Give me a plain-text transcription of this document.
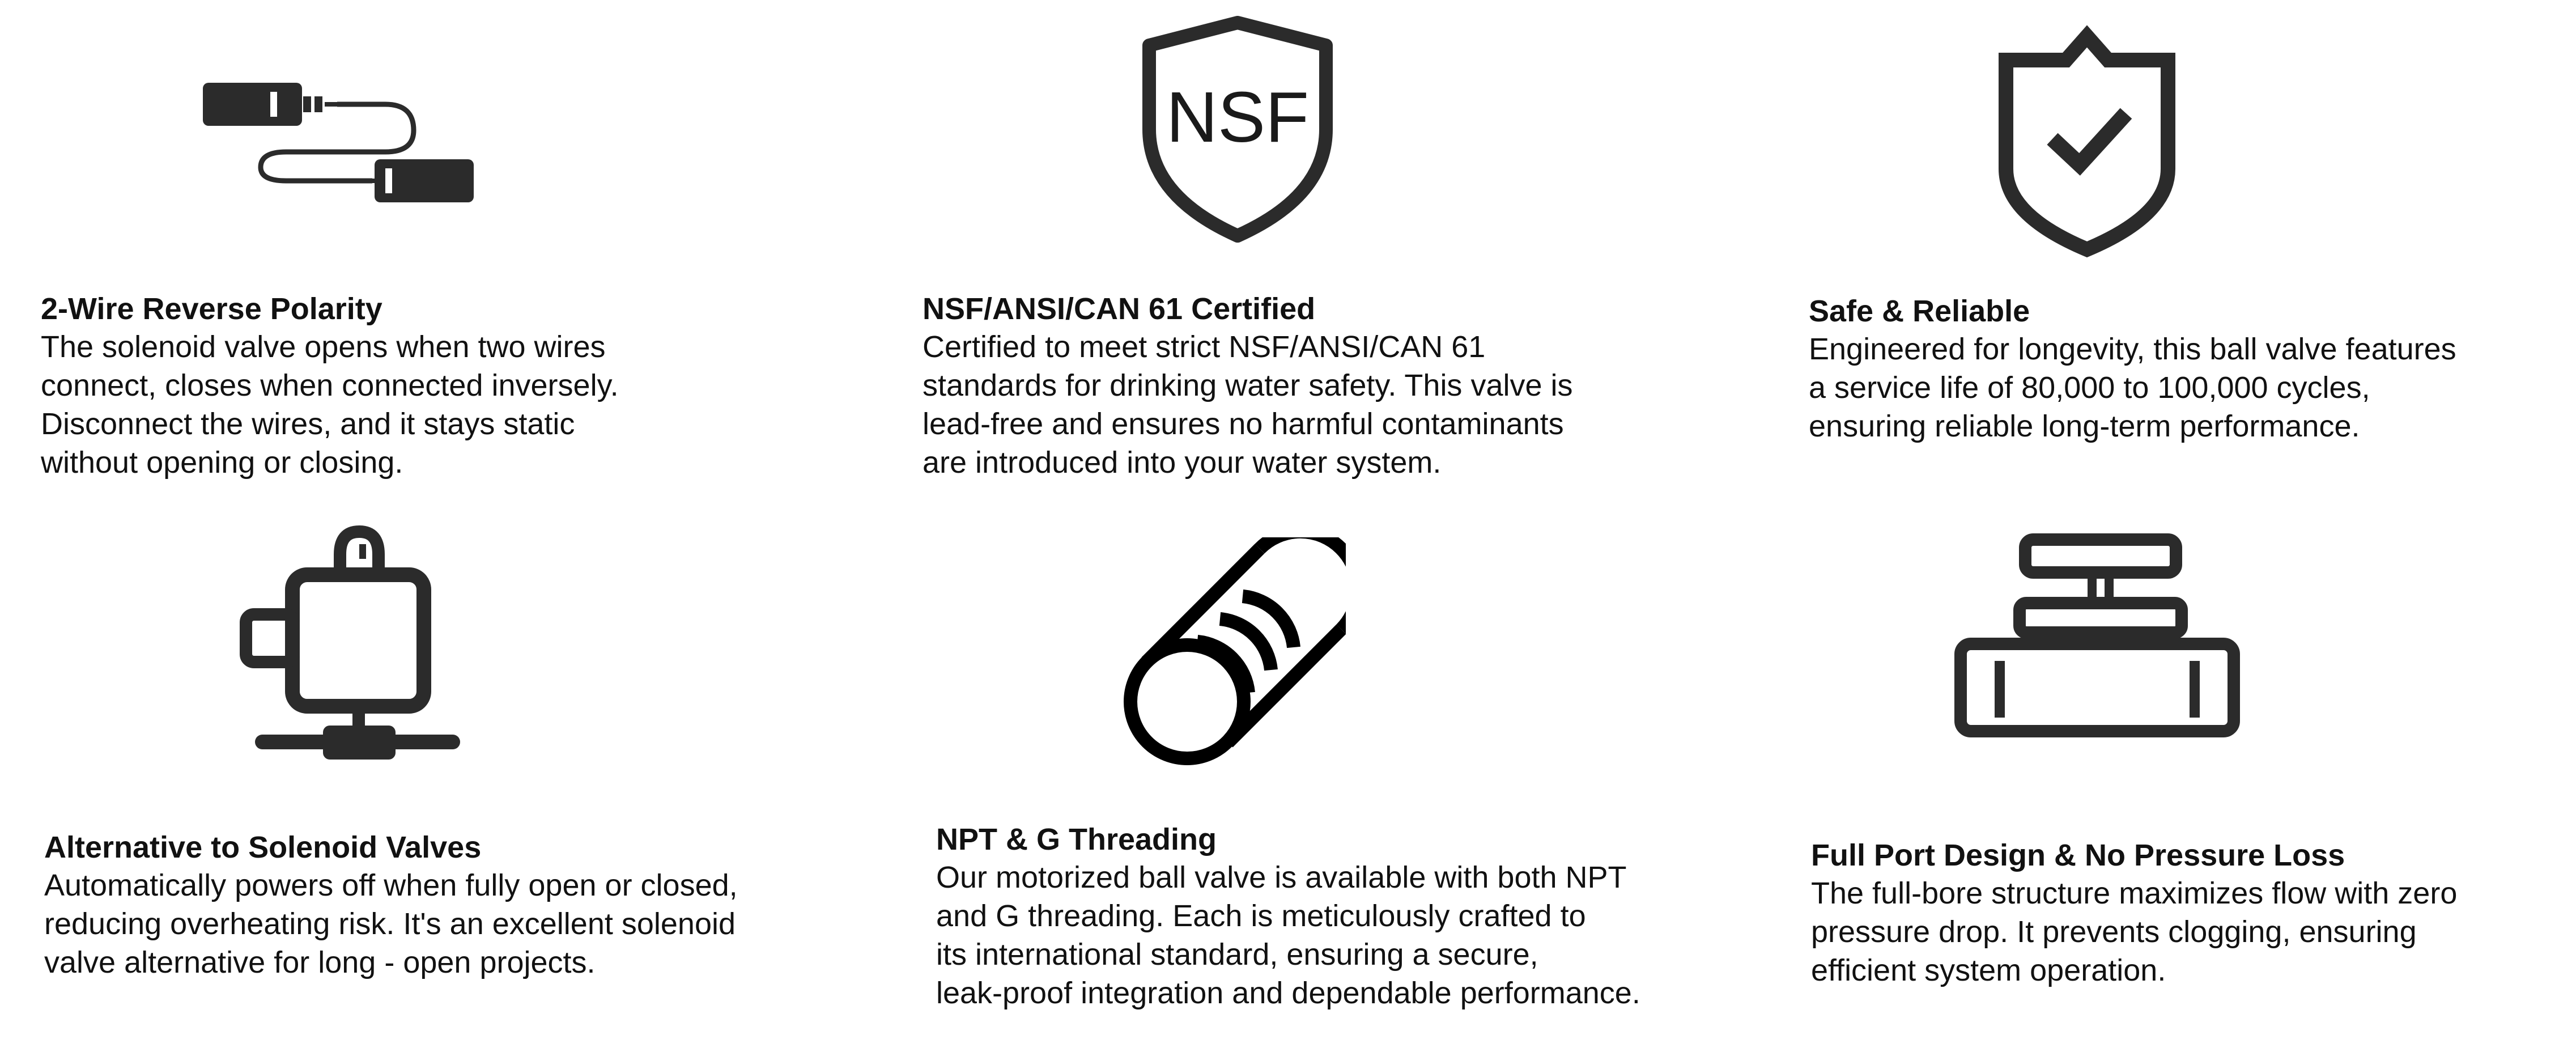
2-Wire Reverse Polarity

The solenoid valve opens when two wires
connect, closes when connected inversely.
Disconnect the wires, and it stays static
without opening or closing.

NSF

NSF/ANSI/CAN 61 Certified

Certified to meet strict NSF/ANSI/CAN 61
standards for drinking water safety. This valve is
lead-free and ensures no harmful contaminants
are introduced into your water system.

Safe & Reliable

Engineered for longevity, this ball valve features
a service life of 80,000 to 100,000 cycles,
ensuring reliable long-term performance.

Alternative to Solenoid Valves

Automatically powers off when fully open or closed,
reducing overheating risk. It's an excellent solenoid
valve alternative for long - open projects.

NPT & G Threading

Our motorized ball valve is available with both NPT
and G threading. Each is meticulously crafted to
its international standard, ensuring a secure,
leak-proof integration and dependable performance.

Full Port Design & No Pressure Loss

The full-bore structure maximizes flow with zero
pressure drop. It prevents clogging, ensuring
efficient system operation.
